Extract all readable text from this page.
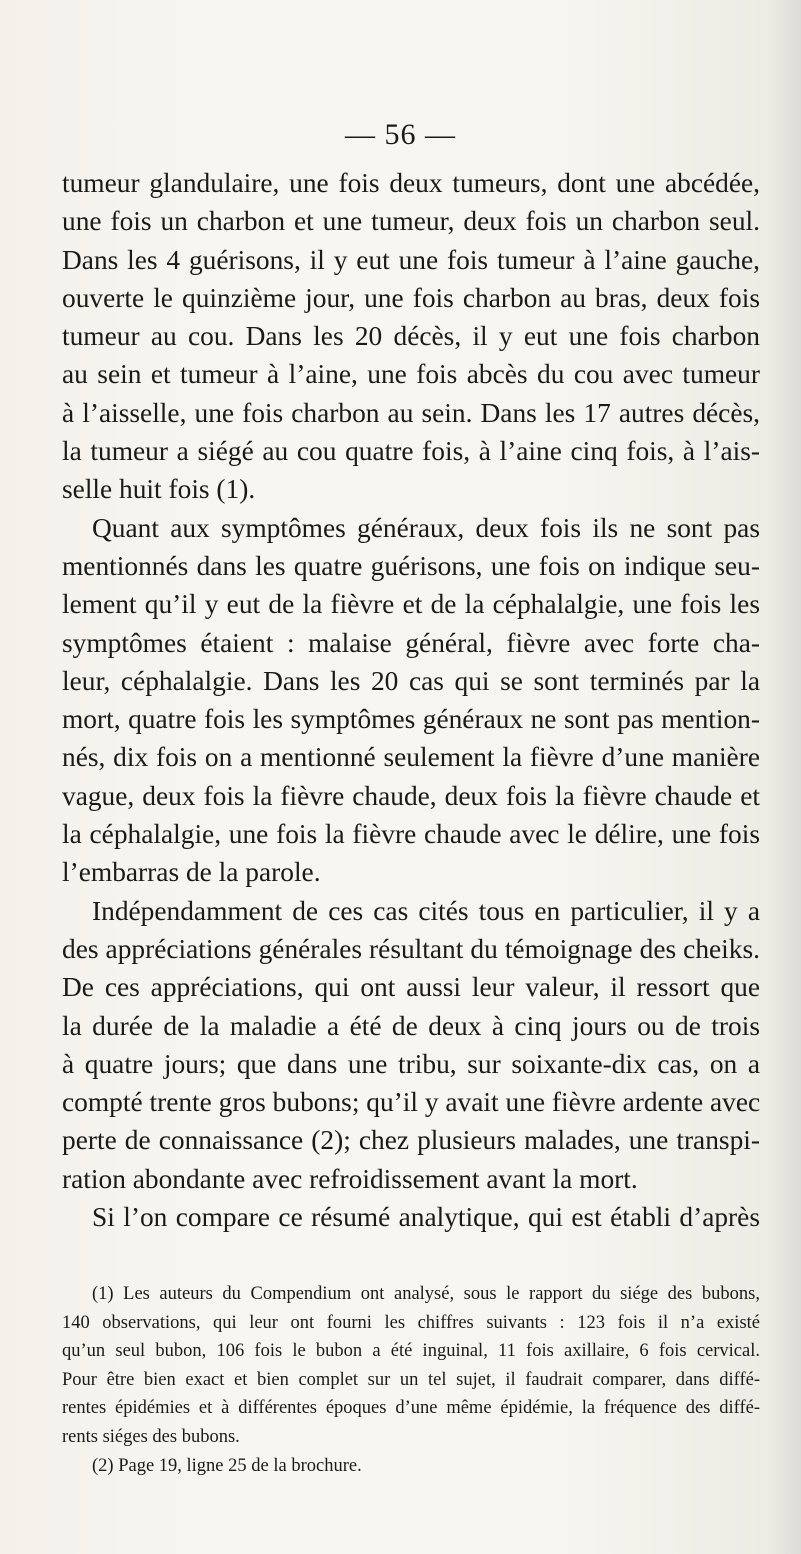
— 56 —
tumeur glandulaire, une fois deux tumeurs, dont une abcédée,
une fois un charbon et une tumeur, deux fois un charbon seul.
Dans les 4 guérisons, il y eut une fois tumeur à l’aine gauche,
ouverte le quinzième jour, une fois charbon au bras, deux fois
tumeur au cou. Dans les 20 décès, il y eut une fois charbon
au sein et tumeur à l’aine, une fois abcès du cou avec tumeur
à l’aisselle, une fois charbon au sein. Dans les 17 autres décès,
la tumeur a siégé au cou quatre fois, à l’aine cinq fois, à l’ais-
selle huit fois (1).
Quant aux symptômes généraux, deux fois ils ne sont pas
mentionnés dans les quatre guérisons, une fois on indique seu-
lement qu’il y eut de la fièvre et de la céphalalgie, une fois les
symptômes étaient : malaise général, fièvre avec forte cha-
leur, céphalalgie. Dans les 20 cas qui se sont terminés par la
mort, quatre fois les symptômes généraux ne sont pas mention-
nés, dix fois on a mentionné seulement la fièvre d’une manière
vague, deux fois la fièvre chaude, deux fois la fièvre chaude et
la céphalalgie, une fois la fièvre chaude avec le délire, une fois
l’embarras de la parole.
Indépendamment de ces cas cités tous en particulier, il y a
des appréciations générales résultant du témoignage des cheiks.
De ces appréciations, qui ont aussi leur valeur, il ressort que
la durée de la maladie a été de deux à cinq jours ou de trois
à quatre jours; que dans une tribu, sur soixante-dix cas, on a
compté trente gros bubons; qu’il y avait une fièvre ardente avec
perte de connaissance (2); chez plusieurs malades, une transpi-
ration abondante avec refroidissement avant la mort.
Si l’on compare ce résumé analytique, qui est établi d’après
(1) Les auteurs du Compendium ont analysé, sous le rapport du siége des bubons,
140 observations, qui leur ont fourni les chiffres suivants : 123 fois il n’a existé
qu’un seul bubon, 106 fois le bubon a été inguinal, 11 fois axillaire, 6 fois cervical.
Pour être bien exact et bien complet sur un tel sujet, il faudrait comparer, dans diffé-
rentes épidémies et à différentes époques d’une même épidémie, la fréquence des diffé-
rents siéges des bubons.
(2) Page 19, ligne 25 de la brochure.
